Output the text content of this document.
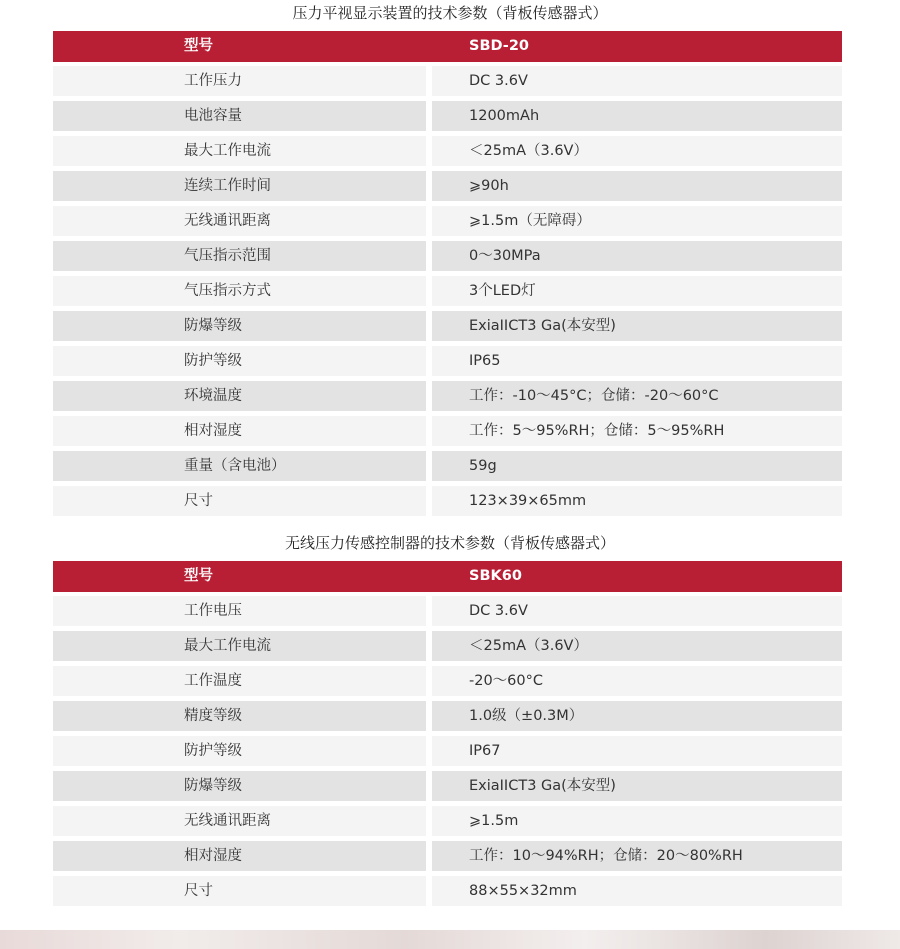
压力平视显示装置的技术参数（背板传感器式）
型号	SBD-20
工作压力	DC 3.6V
电池容量	1200mAh
最大工作电流	＜25mA（3.6V）
连续工作时间	⩾90h
无线通讯距离	⩾1.5m（无障碍）
气压指示范围	0～30MPa
气压指示方式	3个LED灯
防爆等级	ExiaIICT3 Ga(本安型)
防护等级	IP65
环境温度	工作：-10～45°C；仓储：-20～60°C
相对湿度	工作：5～95%RH；仓储：5～95%RH
重量（含电池）	59g
尺寸	123×39×65mm
无线压力传感控制器的技术参数（背板传感器式）
型号	SBK60
工作电压	DC 3.6V
最大工作电流	＜25mA（3.6V）
工作温度	-20～60°C
精度等级	1.0级（±0.3M）
防护等级	IP67
防爆等级	ExiaIICT3 Ga(本安型)
无线通讯距离	⩾1.5m
相对湿度	工作：10～94%RH；仓储：20～80%RH
尺寸	88×55×32mm
